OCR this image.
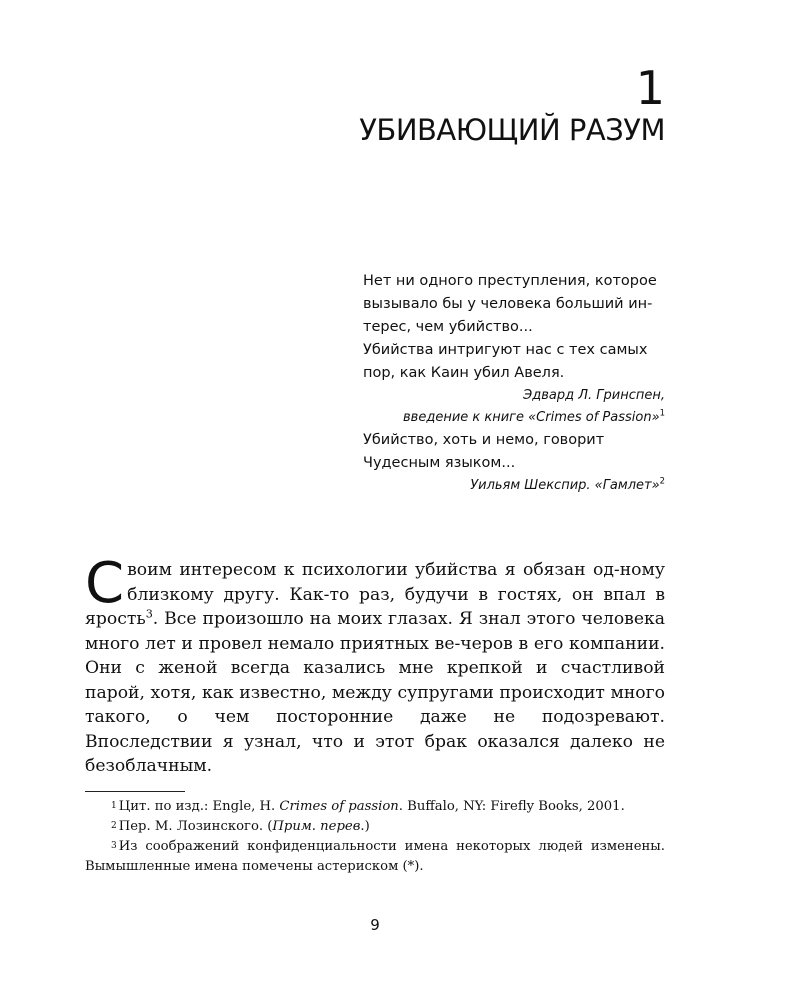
1
УБИВАЮЩИЙ РАЗУМ

Нет ни одного преступления, которое
вызывало бы у человека больший ин-
терес, чем убийство...
Убийства интригуют нас с тех самых
пор, как Каин убил Авеля.

Эдвард Л. Гринспен,

введение к книге «Crimes of Passion»$^1$

Убийство, хоть и немо, говорит
Чудесным языком...

Уильям Шекспир. «Гамлет»$^2$

Своим интересом к психологии убийства я обязан од-ному близкому другу. Как-то раз, будучи в гостях, он впал в ярость$^3$. Все произошло на моих глазах. Я знал этого человека много лет и провел немало приятных ве-черов в его компании. Они с женой всегда казались мне крепкой и счастливой парой, хотя, как известно, между супругами происходит много такого, о чем посторонние даже не подозревают. Впоследствии я узнал, что и этот брак оказался далеко не безоблачным.

$^1$ Цит. по изд.: Engle, H. Crimes of passion. Buffalo, NY: Firefly Books, 2001.

$^2$ Пер. М. Лозинского. (Прим. перев.)

$^3$ Из соображений конфиденциальности имена некоторых людей изменены. Вымышленные имена помечены астериском (*).

9
